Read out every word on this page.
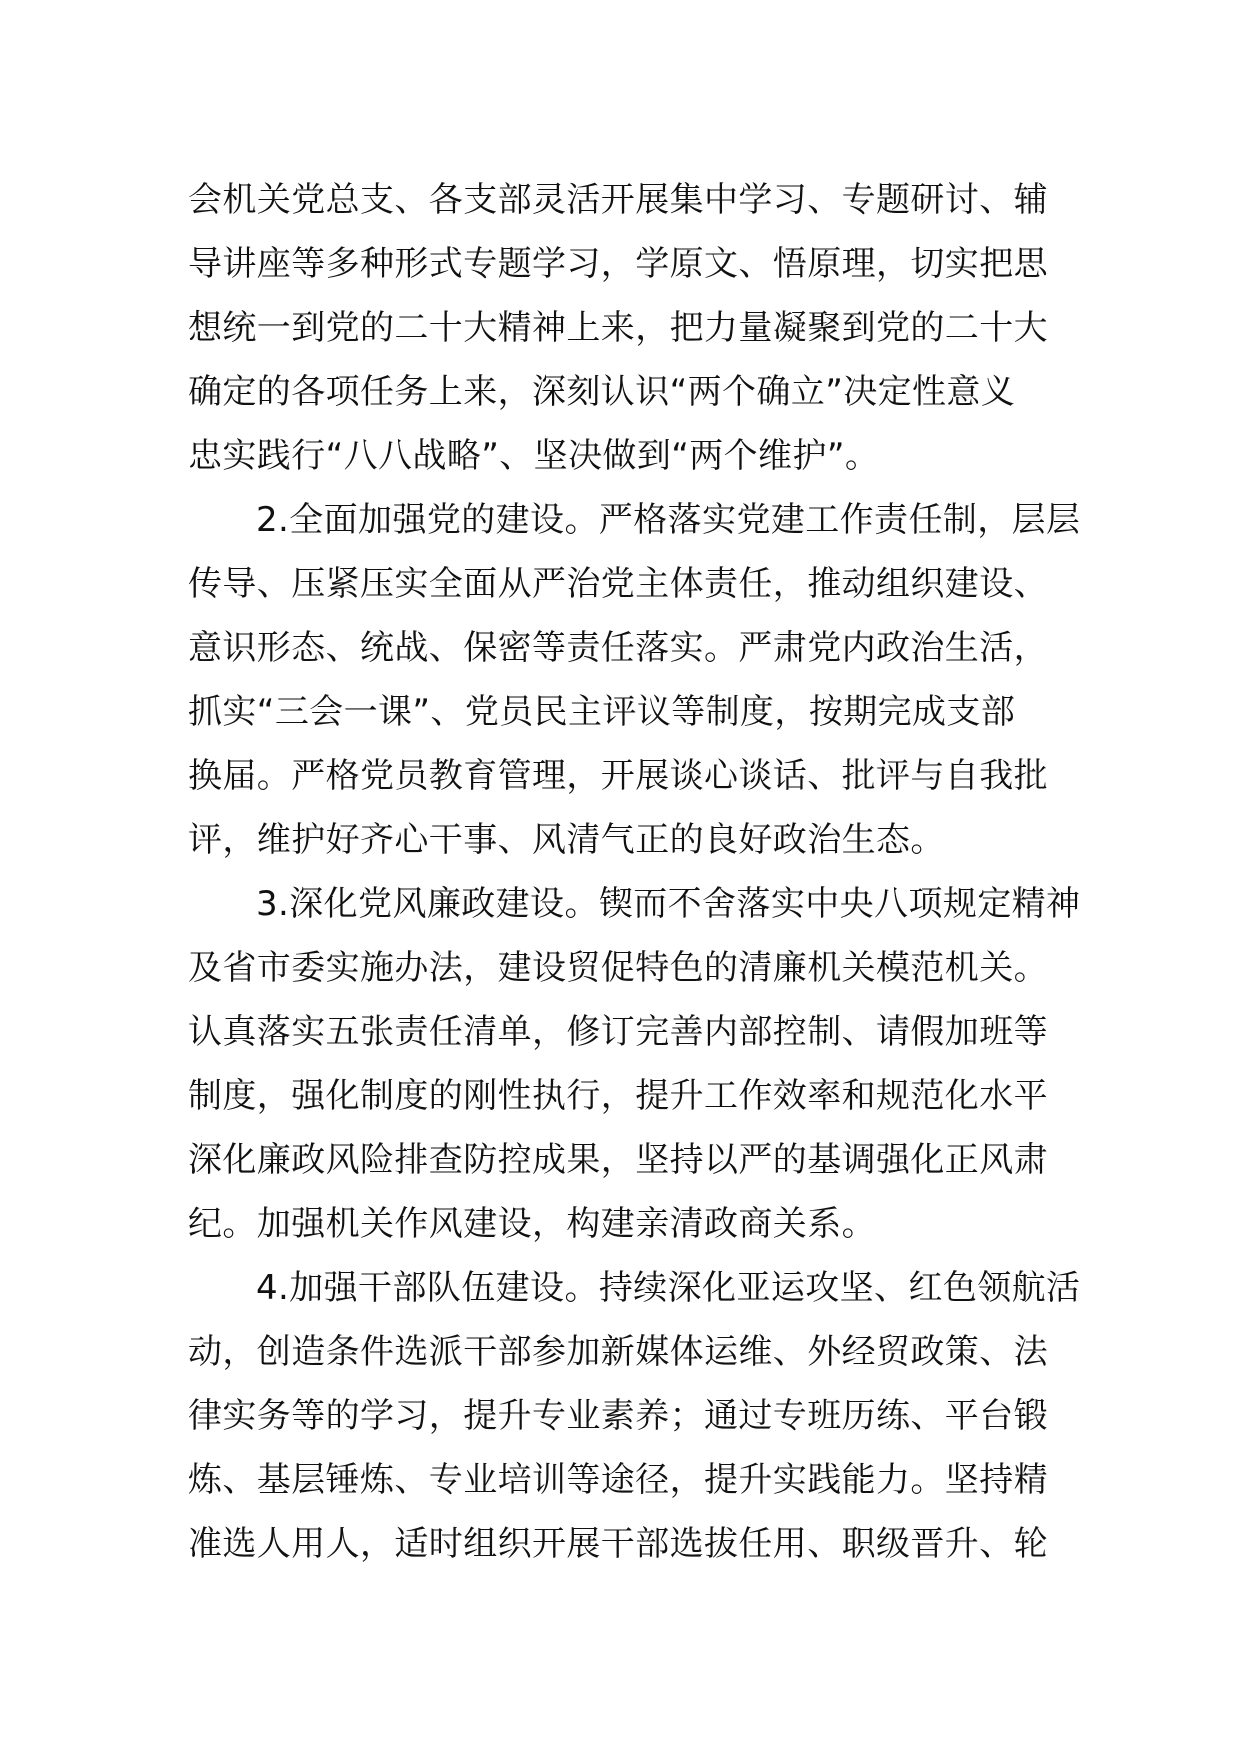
会机关党总支、各支部灵活开展集中学习、专题研讨、辅
导讲座等多种形式专题学习，学原文、悟原理，切实把思
想统一到党的二十大精神上来，把力量凝聚到党的二十大
确定的各项任务上来，深刻认识“两个确立”决定性意义
忠实践行“八八战略”、坚决做到“两个维护”。
2.全面加强党的建设。严格落实党建工作责任制，层层
传导、压紧压实全面从严治党主体责任，推动组织建设、
意识形态、统战、保密等责任落实。严肃党内政治生活，
抓实“三会一课”、党员民主评议等制度，按期完成支部
换届。严格党员教育管理，开展谈心谈话、批评与自我批
评，维护好齐心干事、风清气正的良好政治生态。
3.深化党风廉政建设。锲而不舍落实中央八项规定精神
及省市委实施办法，建设贸促特色的清廉机关模范机关。
认真落实五张责任清单，修订完善内部控制、请假加班等
制度，强化制度的刚性执行，提升工作效率和规范化水平
深化廉政风险排查防控成果，坚持以严的基调强化正风肃
纪。加强机关作风建设，构建亲清政商关系。
4.加强干部队伍建设。持续深化亚运攻坚、红色领航活
动，创造条件选派干部参加新媒体运维、外经贸政策、法
律实务等的学习，提升专业素养；通过专班历练、平台锻
炼、基层锤炼、专业培训等途径，提升实践能力。坚持精
准选人用人，适时组织开展干部选拔任用、职级晋升、轮
